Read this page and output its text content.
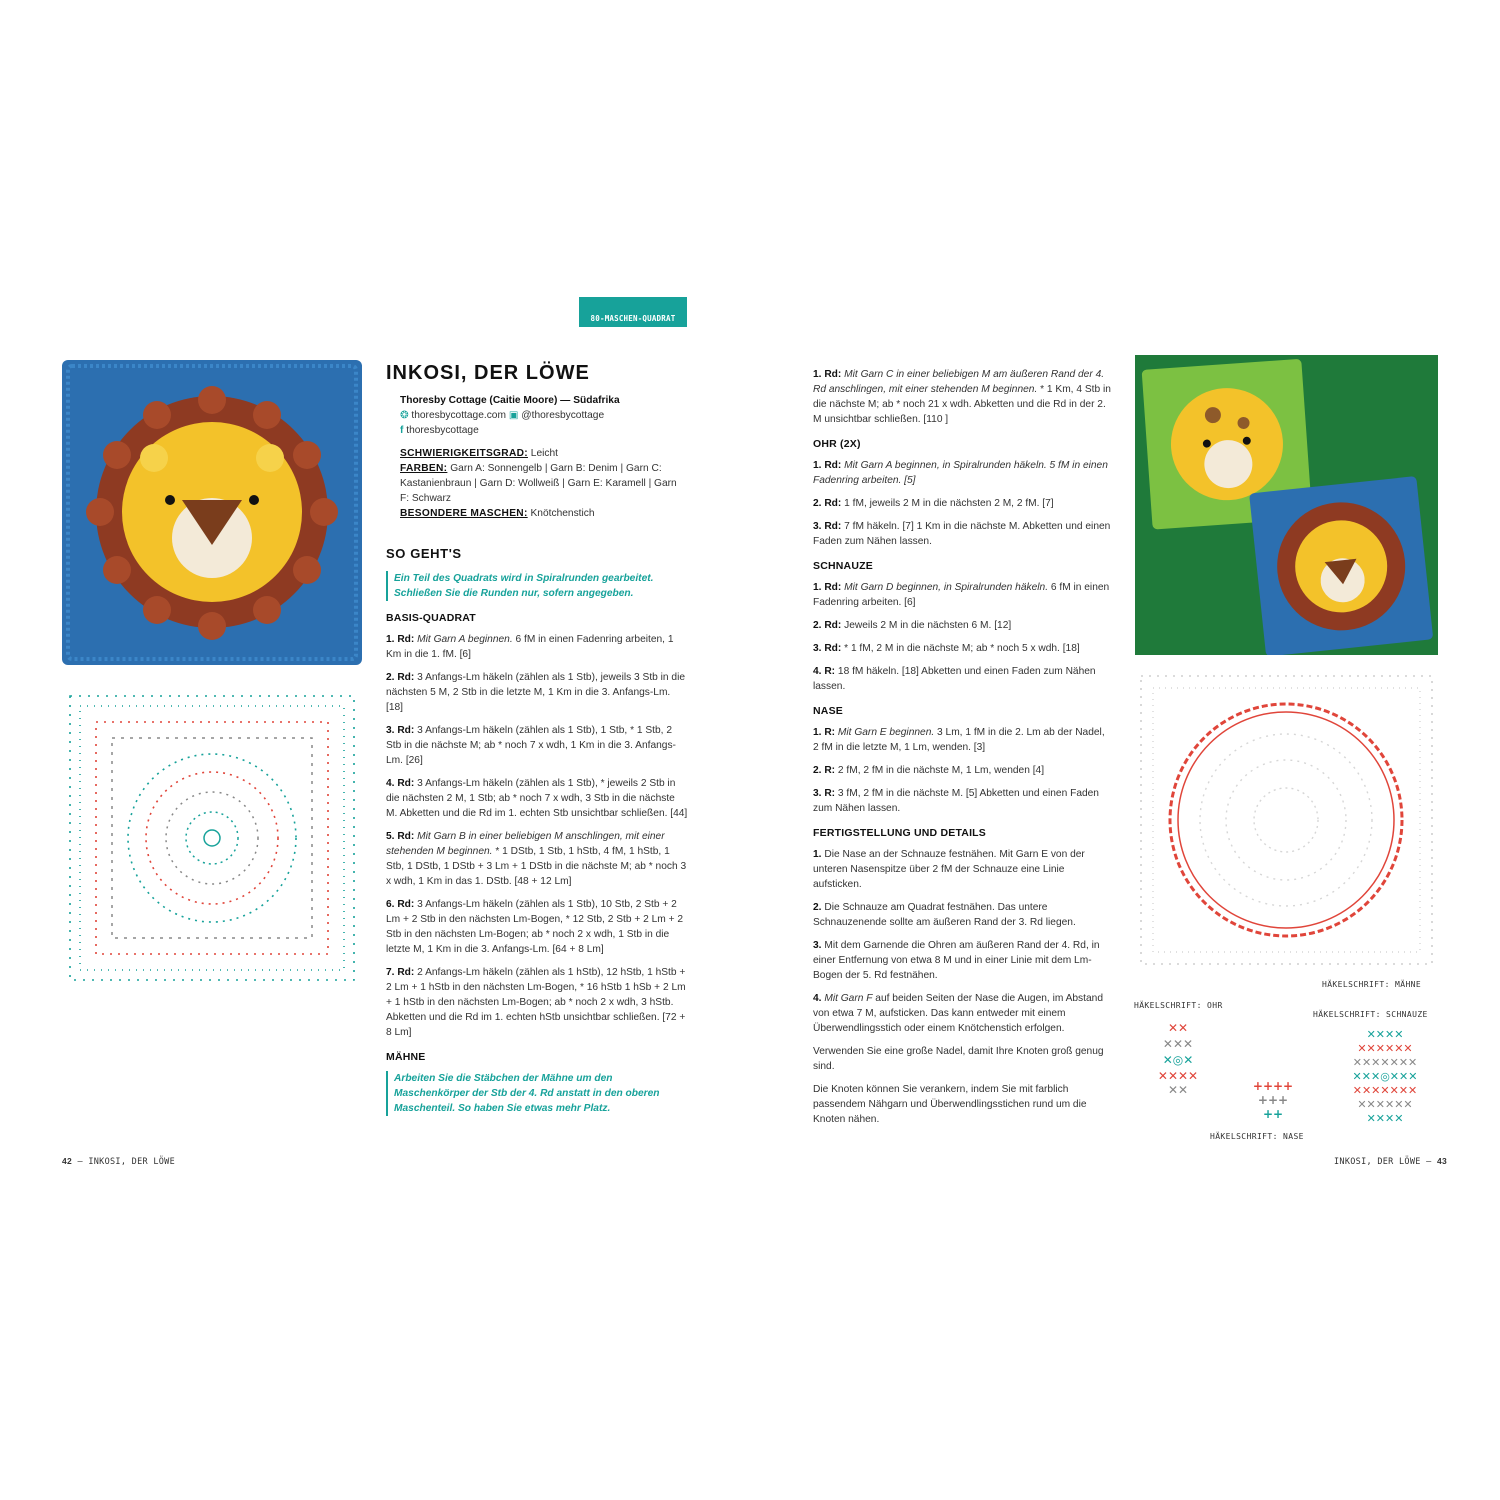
80-MASCHEN-QUADRAT
INKOSI, DER LÖWE
Thoresby Cottage (Caitie Moore) — Südafrika
❂ thoresbycottage.com ▣ @thoresbycottage
f thoresbycottage
SCHWIERIGKEITSGRAD: Leicht
FARBEN: Garn A: Sonnengelb | Garn B: Denim | Garn C: Kastanienbraun | Garn D: Wollweiß | Garn E: Karamell | Garn F: Schwarz
BESONDERE MASCHEN: Knötchenstich
SO GEHT'S
Ein Teil des Quadrats wird in Spiralrunden gearbeitet. Schließen Sie die Runden nur, sofern angegeben.
BASIS-QUADRAT

1. Rd: Mit Garn A beginnen. 6 fM in einen Fadenring arbeiten, 1 Km in die 1. fM. [6]

2. Rd: 3 Anfangs-Lm häkeln (zählen als 1 Stb), jeweils 3 Stb in die nächsten 5 M, 2 Stb in die letzte M, 1 Km in die 3. Anfangs-Lm. [18]

3. Rd: 3 Anfangs-Lm häkeln (zählen als 1 Stb), 1 Stb, * 1 Stb, 2 Stb in die nächste M; ab * noch 7 x wdh, 1 Km in die 3. Anfangs-Lm. [26]

4. Rd: 3 Anfangs-Lm häkeln (zählen als 1 Stb), * jeweils 2 Stb in die nächsten 2 M, 1 Stb; ab * noch 7 x wdh, 3 Stb in die nächste M. Abketten und die Rd im 1. echten Stb unsichtbar schließen. [44]

5. Rd: Mit Garn B in einer beliebigen M anschlingen, mit einer stehenden M beginnen. * 1 DStb, 1 Stb, 1 hStb, 4 fM, 1 hStb, 1 Stb, 1 DStb, 1 DStb + 3 Lm + 1 DStb in die nächste M; ab * noch 3 x wdh, 1 Km in das 1. DStb. [48 + 12 Lm]

6. Rd: 3 Anfangs-Lm häkeln (zählen als 1 Stb), 10 Stb, 2 Stb + 2 Lm + 2 Stb in den nächsten Lm-Bogen, * 12 Stb, 2 Stb + 2 Lm + 2 Stb in den nächsten Lm-Bogen; ab * noch 2 x wdh, 1 Stb in die letzte M, 1 Km in die 3. Anfangs-Lm. [64 + 8 Lm]

7. Rd: 2 Anfangs-Lm häkeln (zählen als 1 hStb), 12 hStb, 1 hStb + 2 Lm + 1 hStb in den nächsten Lm-Bogen, * 16 hStb 1 hSb + 2 Lm + 1 hStb in den nächsten Lm-Bogen; ab * noch 2 x wdh, 3 hStb. Abketten und die Rd im 1. echten hStb unsichtbar schließen. [72 + 8 Lm]

MÄHNE
Arbeiten Sie die Stäbchen der Mähne um den Maschenkörper der Stb der 4. Rd anstatt in den oberen Maschenteil. So haben Sie etwas mehr Platz.

1. Rd: Mit Garn C in einer beliebigen M am äußeren Rand der 4. Rd anschlingen, mit einer stehenden M beginnen. * 1 Km, 4 Stb in die nächste M; ab * noch 21 x wdh. Abketten und die Rd in der 2. M unsichtbar schließen. [110 ]

OHR (2X)

1. Rd: Mit Garn A beginnen, in Spiralrunden häkeln. 5 fM in einen Fadenring arbeiten. [5]

2. Rd: 1 fM, jeweils 2 M in die nächsten 2 M, 2 fM. [7]

3. Rd: 7 fM häkeln. [7] 1 Km in die nächste M. Abketten und einen Faden zum Nähen lassen.

SCHNAUZE

1. Rd: Mit Garn D beginnen, in Spiralrunden häkeln. 6 fM in einen Fadenring arbeiten. [6]

2. Rd: Jeweils 2 M in die nächsten 6 M. [12]

3. Rd: * 1 fM, 2 M in die nächste M; ab * noch 5 x wdh. [18]

4. R: 18 fM häkeln. [18] Abketten und einen Faden zum Nähen lassen.

NASE

1. R: Mit Garn E beginnen. 3 Lm, 1 fM in die 2. Lm ab der Nadel, 2 fM in die letzte M, 1 Lm, wenden. [3]

2. R: 2 fM, 2 fM in die nächste M, 1 Lm, wenden [4]

3. R: 3 fM, 2 fM in die nächste M. [5] Abketten und einen Faden zum Nähen lassen.

FERTIGSTELLUNG UND DETAILS

1. Die Nase an der Schnauze festnähen. Mit Garn E von der unteren Nasenspitze über 2 fM der Schnauze eine Linie aufsticken.

2. Die Schnauze am Quadrat festnähen. Das untere Schnauzenende sollte am äußeren Rand der 3. Rd liegen.

3. Mit dem Garnende die Ohren am äußeren Rand der 4. Rd, in einer Entfernung von etwa 8 M und in einer Linie mit dem Lm-Bogen der 5. Rd festnähen.

4. Mit Garn F auf beiden Seiten der Nase die Augen, im Abstand von etwa 7 M, aufsticken. Das kann entweder mit einem Überwendlingsstich oder einem Knötchenstich erfolgen.

Verwenden Sie eine große Nadel, damit Ihre Knoten groß genug sind.

Die Knoten können Sie verankern, indem Sie mit farblich passendem Nähgarn und Überwendlingsstichen rund um die Knoten nähen.

HÄKELSCHRIFT: MÄHNE
HÄKELSCHRIFT: OHR
HÄKELSCHRIFT: SCHNAUZE
✕✕
✕✕✕
✕◎✕
✕✕✕✕
✕✕
✕✕✕✕
✕✕✕✕✕✕
✕✕✕✕✕✕✕
✕✕✕◎✕✕✕
✕✕✕✕✕✕✕
✕✕✕✕✕✕
✕✕✕✕
++++
+++
++
HÄKELSCHRIFT: NASE
42 — INKOSI, DER LÖWE	INKOSI, DER LÖWE — 43
